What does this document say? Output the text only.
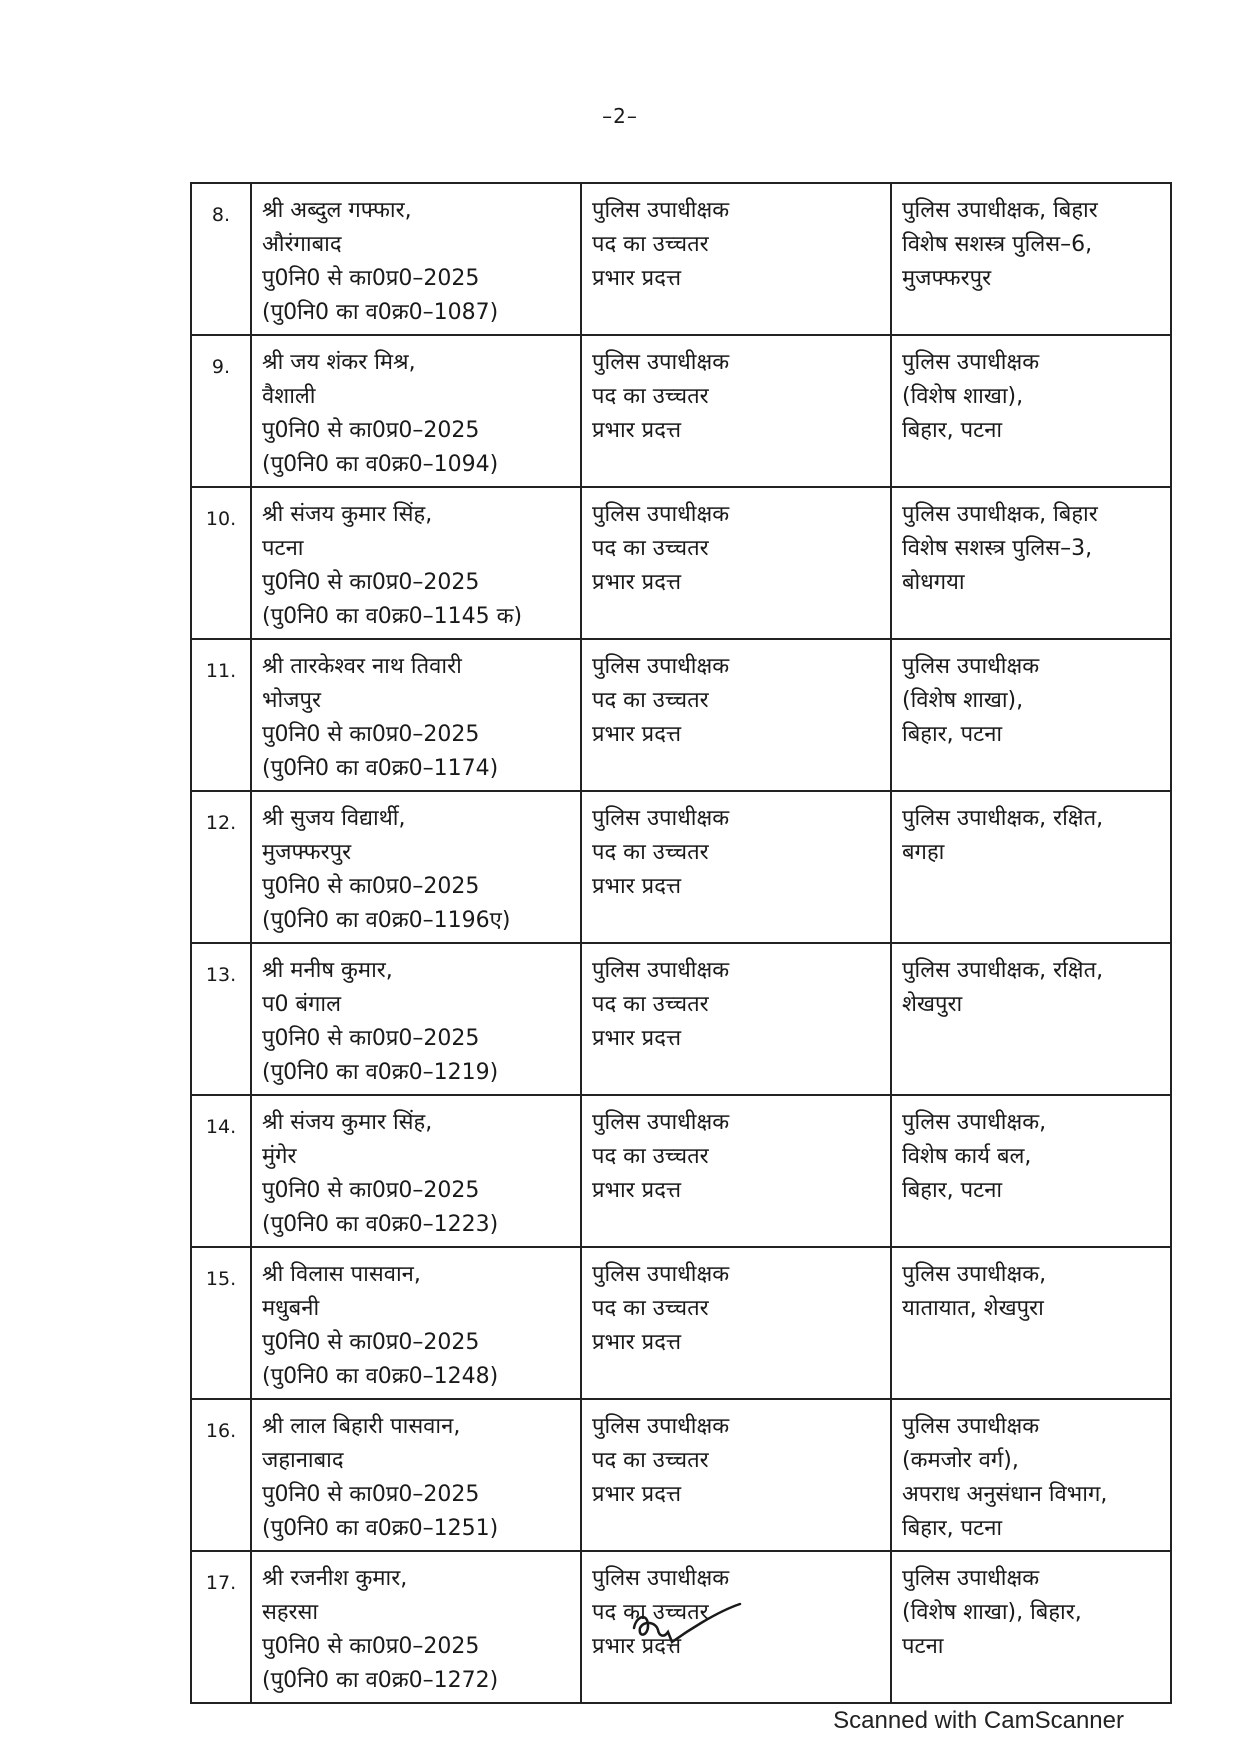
–2–
8.	श्री अब्दुल गफ्फार,
औरंगाबाद
पु0नि0 से का0प्र0–2025
(पु0नि0 का व0क्र0–1087)	पुलिस उपाधीक्षक
पद का उच्चतर
प्रभार प्रदत्त	पुलिस उपाधीक्षक, बिहार
विशेष सशस्त्र पुलिस–6,
मुजफ्फरपुर

9.	श्री जय शंकर मिश्र,
वैशाली
पु0नि0 से का0प्र0–2025
(पु0नि0 का व0क्र0–1094)	पुलिस उपाधीक्षक
पद का उच्चतर
प्रभार प्रदत्त	पुलिस उपाधीक्षक
(विशेष शाखा),
बिहार, पटना

10.	श्री संजय कुमार सिंह,
पटना
पु0नि0 से का0प्र0–2025
(पु0नि0 का व0क्र0–1145 क)	पुलिस उपाधीक्षक
पद का उच्चतर
प्रभार प्रदत्त	पुलिस उपाधीक्षक, बिहार
विशेष सशस्त्र पुलिस–3,
बोधगया

11.	श्री तारकेश्वर नाथ तिवारी
भोजपुर
पु0नि0 से का0प्र0–2025
(पु0नि0 का व0क्र0–1174)	पुलिस उपाधीक्षक
पद का उच्चतर
प्रभार प्रदत्त	पुलिस उपाधीक्षक
(विशेष शाखा),
बिहार, पटना

12.	श्री सुजय विद्यार्थी,
मुजफ्फरपुर
पु0नि0 से का0प्र0–2025
(पु0नि0 का व0क्र0–1196ए)	पुलिस उपाधीक्षक
पद का उच्चतर
प्रभार प्रदत्त	पुलिस उपाधीक्षक, रक्षित,
बगहा

13.	श्री मनीष कुमार,
प0 बंगाल
पु0नि0 से का0प्र0–2025
(पु0नि0 का व0क्र0–1219)	पुलिस उपाधीक्षक
पद का उच्चतर
प्रभार प्रदत्त	पुलिस उपाधीक्षक, रक्षित,
शेखपुरा

14.	श्री संजय कुमार सिंह,
मुंगेर
पु0नि0 से का0प्र0–2025
(पु0नि0 का व0क्र0–1223)	पुलिस उपाधीक्षक
पद का उच्चतर
प्रभार प्रदत्त	पुलिस उपाधीक्षक,
विशेष कार्य बल,
बिहार, पटना

15.	श्री विलास पासवान,
मधुबनी
पु0नि0 से का0प्र0–2025
(पु0नि0 का व0क्र0–1248)	पुलिस उपाधीक्षक
पद का उच्चतर
प्रभार प्रदत्त	पुलिस उपाधीक्षक,
यातायात, शेखपुरा

16.	श्री लाल बिहारी पासवान,
जहानाबाद
पु0नि0 से का0प्र0–2025
(पु0नि0 का व0क्र0–1251)	पुलिस उपाधीक्षक
पद का उच्चतर
प्रभार प्रदत्त	पुलिस उपाधीक्षक
(कमजोर वर्ग),
अपराध अनुसंधान विभाग,
बिहार, पटना

17.	श्री रजनीश कुमार,
सहरसा
पु0नि0 से का0प्र0–2025
(पु0नि0 का व0क्र0–1272)	पुलिस उपाधीक्षक
पद का उच्चतर
प्रभार प्रदत्त	पुलिस उपाधीक्षक
(विशेष शाखा), बिहार,
पटना
Scanned with CamScanner
